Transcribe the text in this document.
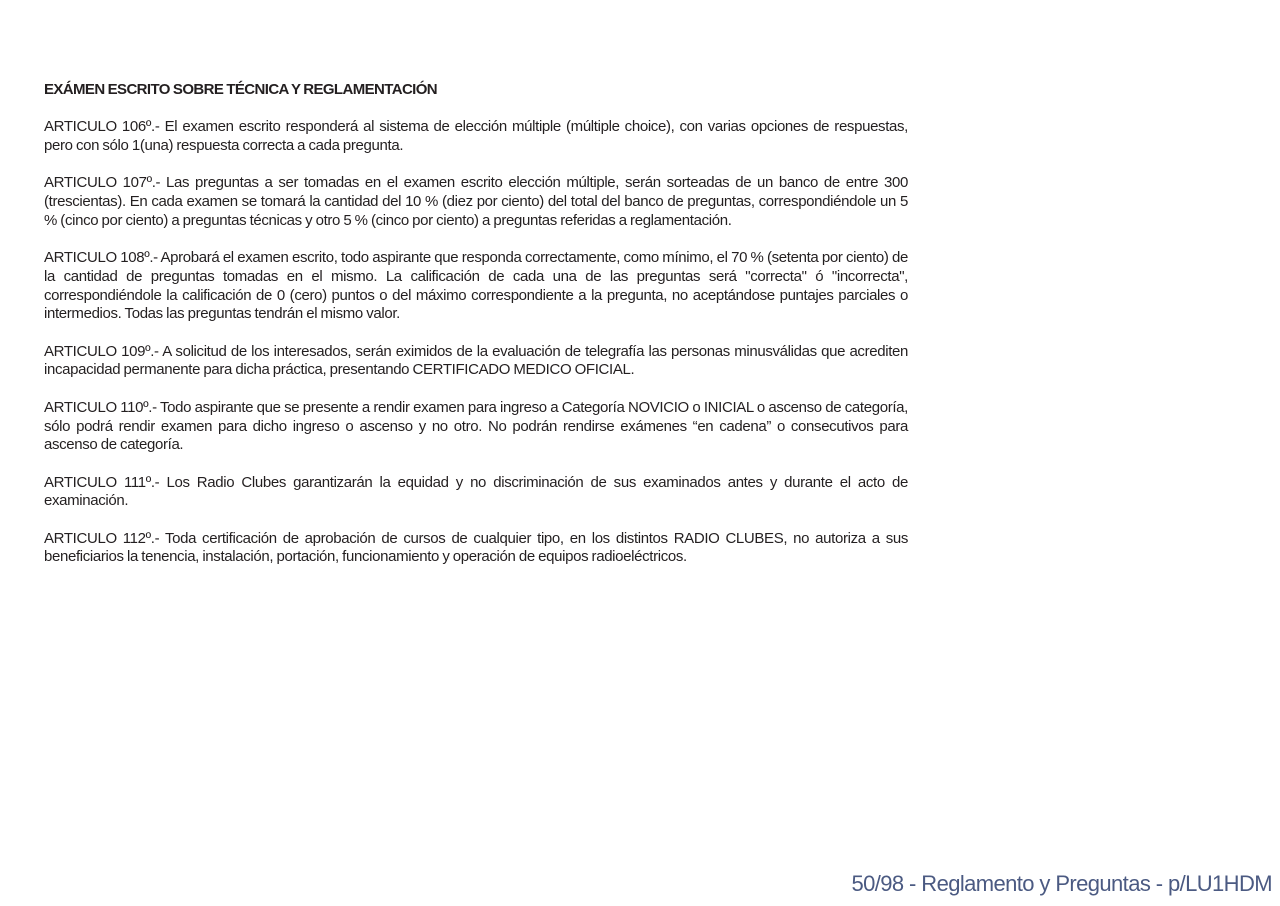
EXÁMEN ESCRITO SOBRE TÉCNICA Y REGLAMENTACIÓN

ARTICULO 106º.- El examen escrito responderá al sistema de elección múltiple (múltiple choice), con varias opciones de respuestas, pero con sólo 1(una) respuesta correcta a cada pregunta.

ARTICULO 107º.- Las preguntas a ser tomadas en el examen escrito elección múltiple, serán sorteadas de un banco de entre 300 (trescientas). En cada examen se tomará la cantidad del 10 % (diez por ciento) del total del banco de preguntas, correspondiéndole un 5 % (cinco por ciento) a preguntas técnicas y otro 5 % (cinco por ciento) a preguntas referidas a reglamentación.

ARTICULO 108º.- Aprobará el examen escrito, todo aspirante que responda correctamente, como mínimo, el 70 % (setenta por ciento) de la cantidad de preguntas tomadas en el mismo. La calificación de cada una de las preguntas será "correcta" ó "incorrecta", correspondiéndole la calificación de 0 (cero) puntos o del máximo correspondiente a la pregunta, no aceptándose puntajes parciales o intermedios. Todas las preguntas tendrán el mismo valor.

ARTICULO 109º.- A solicitud de los interesados, serán eximidos de la evaluación de telegrafía las personas minusválidas que acrediten incapacidad permanente para dicha práctica, presentando CERTIFICADO MEDICO OFICIAL.

ARTICULO 110º.- Todo aspirante que se presente a rendir examen para ingreso a Categoría NOVICIO o INICIAL o ascenso de categoría, sólo podrá rendir examen para dicho ingreso o ascenso y no otro. No podrán rendirse exámenes “en cadena” o consecutivos para ascenso de categoría.

ARTICULO 111º.- Los Radio Clubes garantizarán la equidad y no discriminación de sus examinados antes y durante el acto de examinación.

ARTICULO 112º.- Toda certificación de aprobación de cursos de cualquier tipo, en los distintos RADIO CLUBES, no autoriza a sus beneficiarios la tenencia, instalación, portación, funcionamiento y operación de equipos radioeléctricos.

50/98 - Reglamento y Preguntas - p/LU1HDM
